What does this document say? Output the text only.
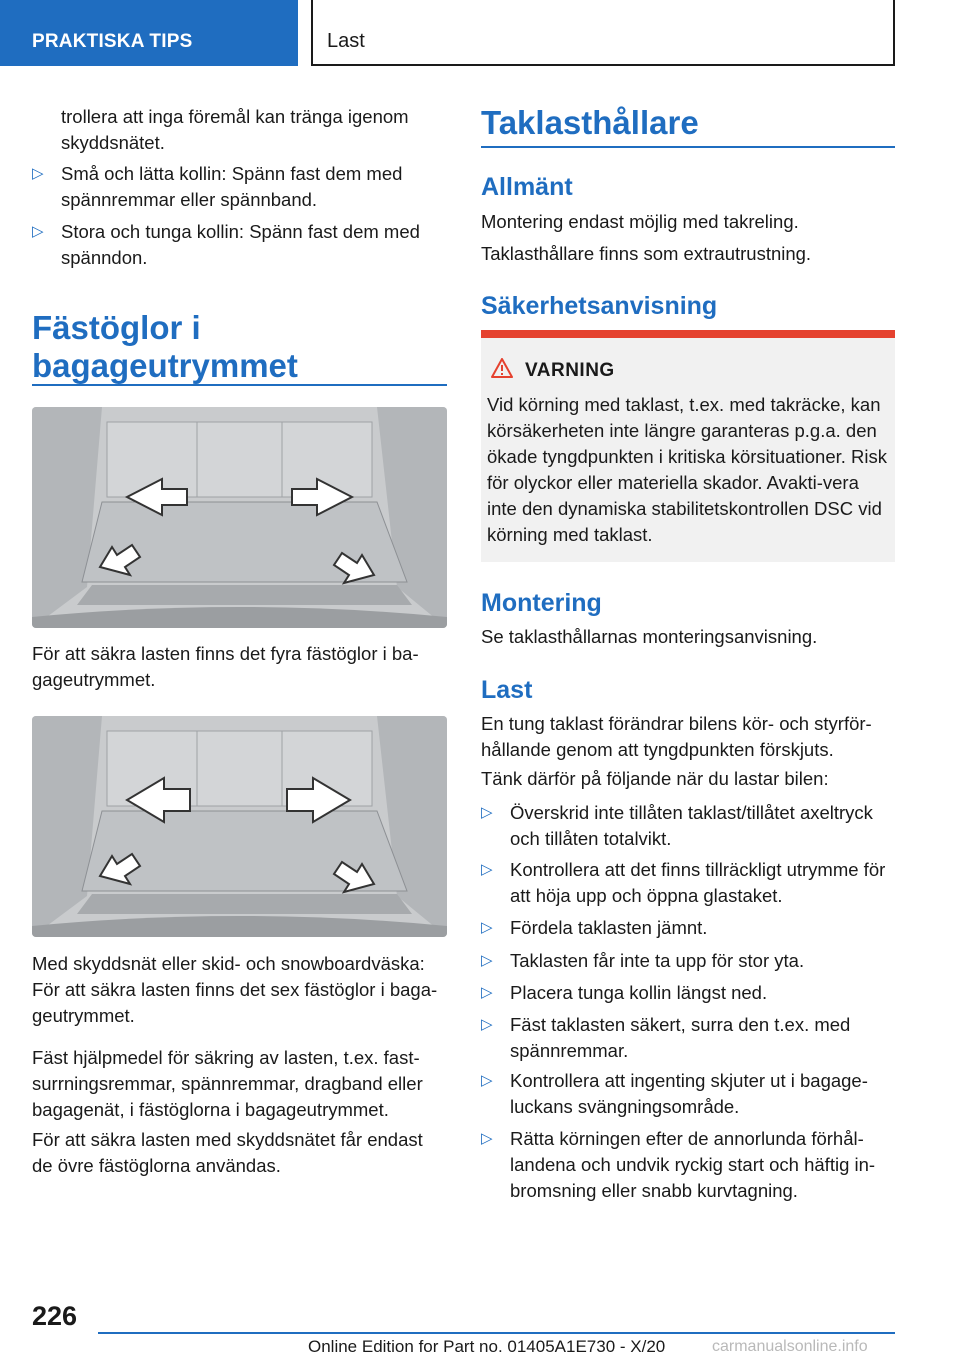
PRAKTISKA TIPS	Last
trollera att inga föremål kan tränga igenom skyddsnätet.
▷ Små och lätta kollin: Spänn fast dem med spännremmar eller spännband.
▷ Stora och tunga kollin: Spänn fast dem med spänndon.
Fästöglor i
bagageutrymmet
För att säkra lasten finns det fyra fästöglor i ba-gageutrymmet.
Med skyddsnät eller skid- och snowboardväska: För att säkra lasten finns det sex fästöglor i baga-geutrymmet.
Fäst hjälpmedel för säkring av lasten, t.ex. fast-surrningsremmar, spännremmar, dragband eller bagagenät, i fästöglorna i bagageutrymmet.
För att säkra lasten med skyddsnätet får endast de övre fästöglorna användas.
Taklasthållare
Allmänt
Montering endast möjlig med takreling.
Taklasthållare finns som extrautrustning.
Säkerhetsanvisning
VARNING
Vid körning med taklast, t.ex. med takräcke, kan körsäkerheten inte längre garanteras p.g.a. den ökade tyngdpunkten i kritiska körsituationer. Risk för olyckor eller materiella skador. Avakti-vera inte den dynamiska stabilitetskontrollen DSC vid körning med taklast.
Montering
Se taklasthållarnas monteringsanvisning.
Last
En tung taklast förändrar bilens kör- och styrför-hållande genom att tyngdpunkten förskjuts.
Tänk därför på följande när du lastar bilen:
▷ Överskrid inte tillåten taklast/tillåtet axeltryck och tillåten totalvikt.
▷ Kontrollera att det finns tillräckligt utrymme för att höja upp och öppna glastaket.
▷ Fördela taklasten jämnt.
▷ Taklasten får inte ta upp för stor yta.
▷ Placera tunga kollin längst ned.
▷ Fäst taklasten säkert, surra den t.ex. med spännremmar.
▷ Kontrollera att ingenting skjuter ut i bagage-luckans svängningsområde.
▷ Rätta körningen efter de annorlunda förhål-landena och undvik ryckig start och häftig in-bromsning eller snabb kurvtagning.
226
Online Edition for Part no. 01405A1E730 - X/20	carmanualsonline.info
